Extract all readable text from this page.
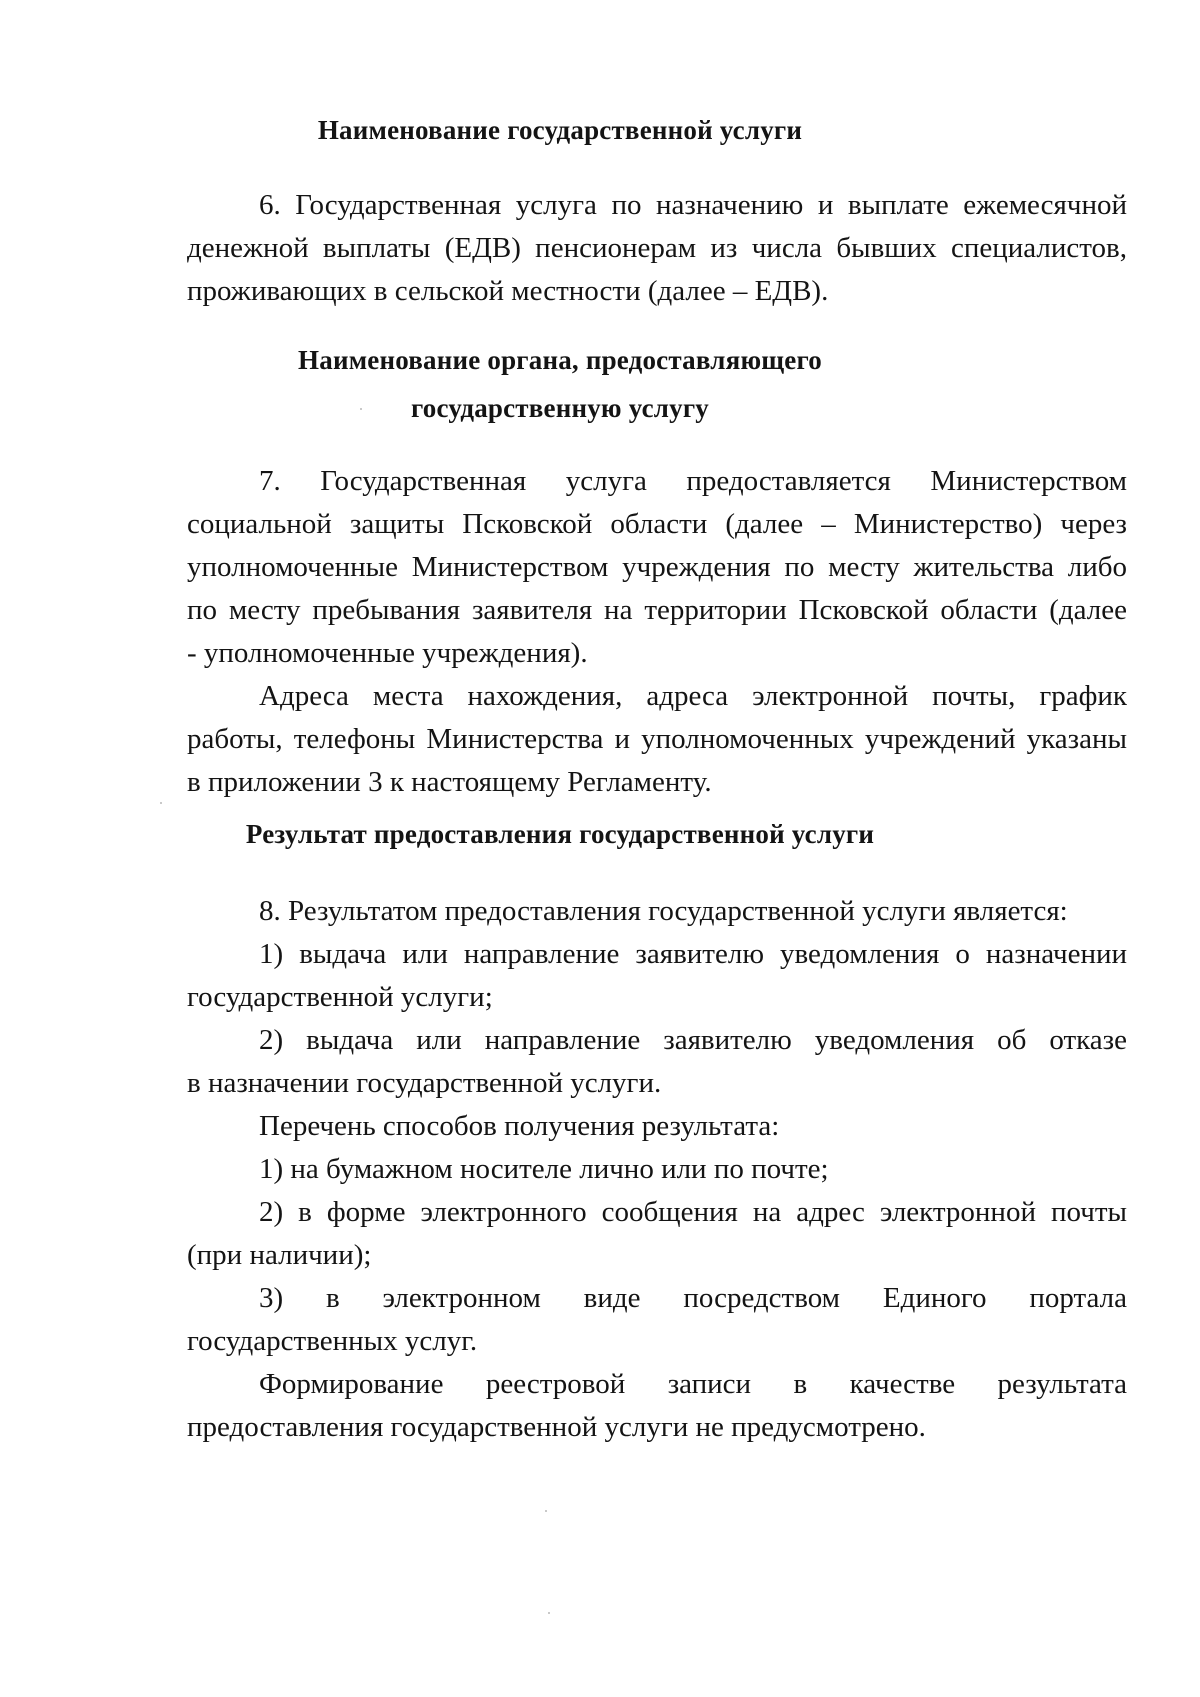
Наименование государственной услуги
6. Государственная услуга по назначению и выплате ежемесячной
денежной выплаты (ЕДВ) пенсионерам из числа бывших специалистов,
проживающих в сельской местности (далее – ЕДВ).
Наименование органа, предоставляющего
государственную услугу
7. Государственная услуга предоставляется Министерством
социальной защиты Псковской области (далее – Министерство) через
уполномоченные Министерством учреждения по месту жительства либо
по месту пребывания заявителя на территории Псковской области (далее
- уполномоченные учреждения).
Адреса места нахождения, адреса электронной почты, график
работы, телефоны Министерства и уполномоченных учреждений указаны
в приложении 3 к настоящему Регламенту.
Результат предоставления государственной услуги
8. Результатом предоставления государственной услуги является:
1) выдача или направление заявителю уведомления о назначении
государственной услуги;
2) выдача или направление заявителю уведомления об отказе
в назначении государственной услуги.
Перечень способов получения результата:
1) на бумажном носителе лично или по почте;
2) в форме электронного сообщения на адрес электронной почты
(при наличии);
3) в электронном виде посредством Единого портала
государственных услуг.
Формирование реестровой записи в качестве результата
предоставления государственной услуги не предусмотрено.
